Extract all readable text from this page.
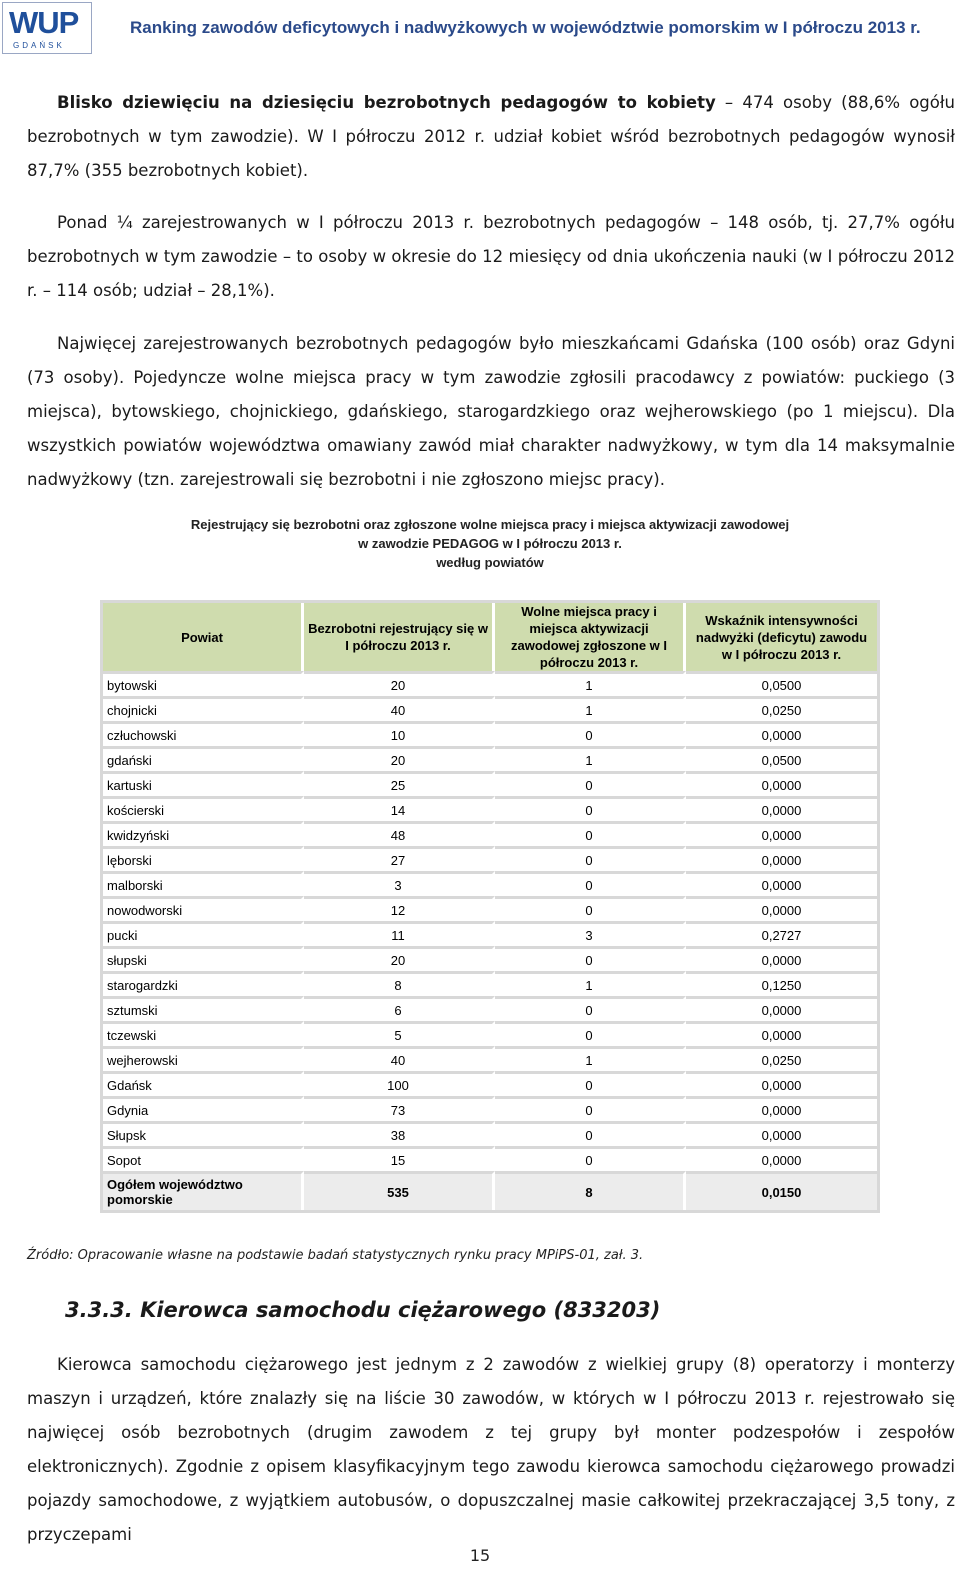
WUP
GDAŃSK
Ranking zawodów deficytowych i nadwyżkowych w województwie pomorskim w I półroczu 2013 r.

Blisko dziewięciu na dziesięciu bezrobotnych pedagogów to kobiety – 474 osoby (88,6% ogółu bezrobotnych w tym zawodzie). W I półroczu 2012 r. udział kobiet wśród bezrobotnych pedagogów wynosił 87,7% (355 bezrobotnych kobiet).

Ponad ¼ zarejestrowanych w I półroczu 2013 r. bezrobotnych pedagogów – 148 osób, tj. 27,7% ogółu bezrobotnych w tym zawodzie – to osoby w okresie do 12 miesięcy od dnia ukończenia nauki (w I półroczu 2012 r. – 114 osób; udział – 28,1%).

Najwięcej zarejestrowanych bezrobotnych pedagogów było mieszkańcami Gdańska (100 osób) oraz Gdyni (73 osoby). Pojedyncze wolne miejsca pracy w tym zawodzie zgłosili pracodawcy z powiatów: puckiego (3 miejsca), bytowskiego, chojnickiego, gdańskiego, starogardzkiego oraz wejherowskiego (po 1 miejscu). Dla wszystkich powiatów województwa omawiany zawód miał charakter nadwyżkowy, w tym dla 14 maksymalnie nadwyżkowy (tzn. zarejestrowali się bezrobotni i nie zgłoszono miejsc pracy).

Rejestrujący się bezrobotni oraz zgłoszone wolne miejsca pracy i miejsca aktywizacji zawodowej
w zawodzie PEDAGOG w I półroczu 2013 r.
według powiatów
Powiat	Bezrobotni rejestrujący się w I półroczu 2013 r.	Wolne miejsca pracy i miejsca aktywizacji zawodowej zgłoszone w I półroczu 2013 r.	Wskaźnik intensywności nadwyżki (deficytu) zawodu w I półroczu 2013 r.
bytowski	20	1	0,0500
chojnicki	40	1	0,0250
człuchowski	10	0	0,0000
gdański	20	1	0,0500
kartuski	25	0	0,0000
kościerski	14	0	0,0000
kwidzyński	48	0	0,0000
lęborski	27	0	0,0000
malborski	3	0	0,0000
nowodworski	12	0	0,0000
pucki	11	3	0,2727
słupski	20	0	0,0000
starogardzki	8	1	0,1250
sztumski	6	0	0,0000
tczewski	5	0	0,0000
wejherowski	40	1	0,0250
Gdańsk	100	0	0,0000
Gdynia	73	0	0,0000
Słupsk	38	0	0,0000
Sopot	15	0	0,0000
Ogółem województwo pomorskie	535	8	0,0150
Źródło: Opracowanie własne na podstawie badań statystycznych rynku pracy MPiPS-01, zał. 3.
3.3.3. Kierowca samochodu ciężarowego (833203)

Kierowca samochodu ciężarowego jest jednym z 2 zawodów z wielkiej grupy (8) operatorzy i monterzy maszyn i urządzeń, które znalazły się na liście 30 zawodów, w których w I półroczu 2013 r. rejestrowało się najwięcej osób bezrobotnych (drugim zawodem z tej grupy był monter podzespołów i zespołów elektronicznych). Zgodnie z opisem klasyfikacyjnym tego zawodu kierowca samochodu ciężarowego prowadzi pojazdy samochodowe, z wyjątkiem autobusów, o dopuszczalnej masie całkowitej przekraczającej 3,5 tony, z przyczepami

15
